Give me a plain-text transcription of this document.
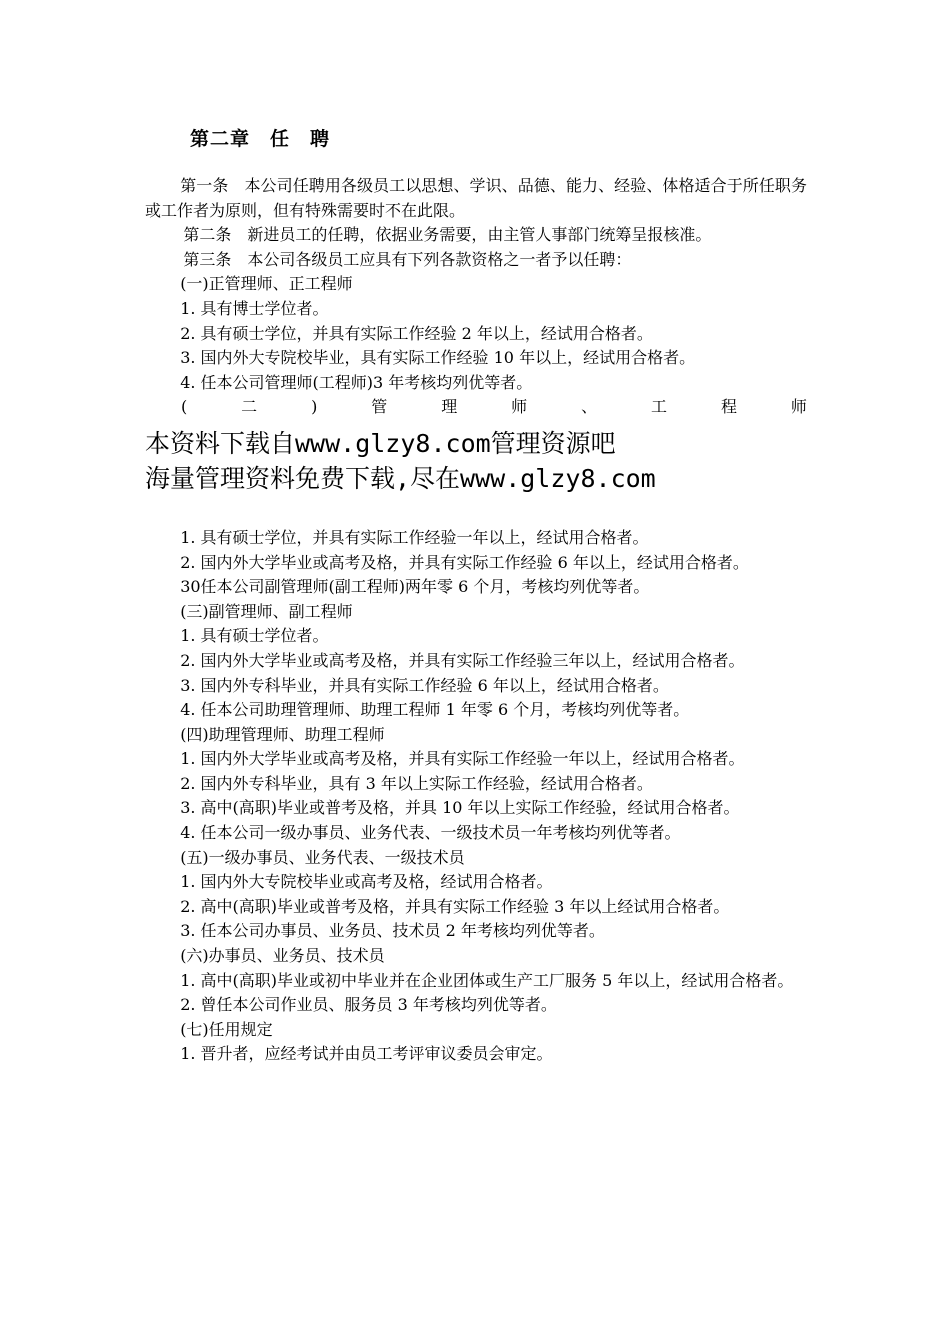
第二章　任　聘

第一条　本公司任聘用各级员工以思想、学识、品德、能力、经验、体格适合于所任职务或工作者为原则，但有特殊需要时不在此限。

第二条　新进员工的任聘，依据业务需要，由主管人事部门统筹呈报核准。

第三条　本公司各级员工应具有下列各款资格之一者予以任聘：

(一)正管理师、正工程师

1. 具有博士学位者。

2. 具有硕士学位，并具有实际工作经验 2 年以上，经试用合格者。

3. 国内外大专院校毕业，具有实际工作经验 10 年以上，经试用合格者。

4. 任本公司管理师(工程师)3 年考核均列优等者。

(	二	)	管	理	师	、	工	程	师
本资料下载自www.glzy8.com管理资源吧
海量管理资料免费下载,尽在www.glzy8.com

1. 具有硕士学位，并具有实际工作经验一年以上，经试用合格者。

2. 国内外大学毕业或高考及格，并具有实际工作经验 6 年以上，经试用合格者。

30任本公司副管理师(副工程师)两年零 6 个月，考核均列优等者。

(三)副管理师、副工程师

1. 具有硕士学位者。

2. 国内外大学毕业或高考及格，并具有实际工作经验三年以上，经试用合格者。

3. 国内外专科毕业，并具有实际工作经验 6 年以上，经试用合格者。

4. 任本公司助理管理师、助理工程师 1 年零 6 个月，考核均列优等者。

(四)助理管理师、助理工程师

1. 国内外大学毕业或高考及格，并具有实际工作经验一年以上，经试用合格者。

2. 国内外专科毕业，具有 3 年以上实际工作经验，经试用合格者。

3. 高中(高职)毕业或普考及格，并具 10 年以上实际工作经验，经试用合格者。

4. 任本公司一级办事员、业务代表、一级技术员一年考核均列优等者。

(五)一级办事员、业务代表、一级技术员

1. 国内外大专院校毕业或高考及格，经试用合格者。

2. 高中(高职)毕业或普考及格，并具有实际工作经验 3 年以上经试用合格者。

3. 任本公司办事员、业务员、技术员 2 年考核均列优等者。

(六)办事员、业务员、技术员

1. 高中(高职)毕业或初中毕业并在企业团体或生产工厂服务 5 年以上，经试用合格者。

2. 曾任本公司作业员、服务员 3 年考核均列优等者。

(七)任用规定

1. 晋升者，应经考试并由员工考评审议委员会审定。
